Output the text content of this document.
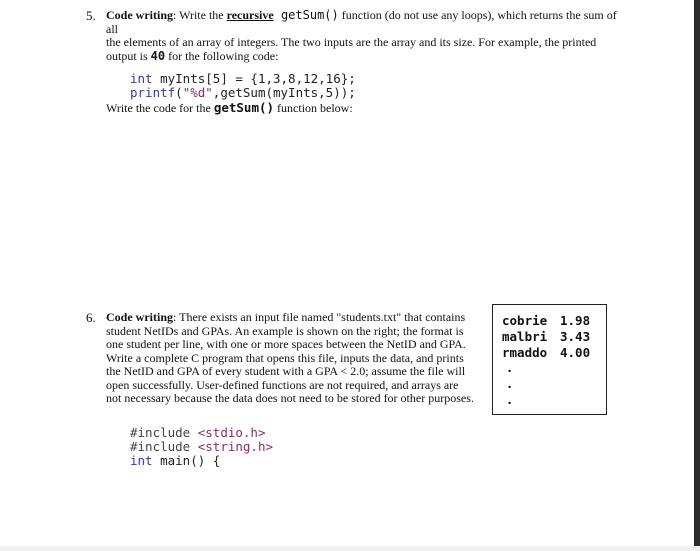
5. Code writing: Write the recursive getSum() function (do not use any loops), which returns the sum of all
the elements of an array of integers. The two inputs are the array and its size. For example, the printed
output is 40 for the following code:

int myInts[5] = {1,3,8,12,16};
printf("%d",getSum(myInts,5));

Write the code for the getSum() function below:
6. Code writing: There exists an input file named "students.txt" that contains
student NetIDs and GPAs. An example is shown on the right; the format is
one student per line, with one or more spaces between the NetID and GPA.
Write a complete C program that opens this file, inputs the data, and prints
the NetID and GPA of every student with a GPA < 2.0; assume the file will
open successfully. User-defined functions are not required, and arrays are
not necessary because the data does not need to be stored for other purposes.
cobrie 1.98
malbri 3.43
rmaddo 4.00
.
.
.

#include <stdio.h>
#include <string.h>
int main() {
